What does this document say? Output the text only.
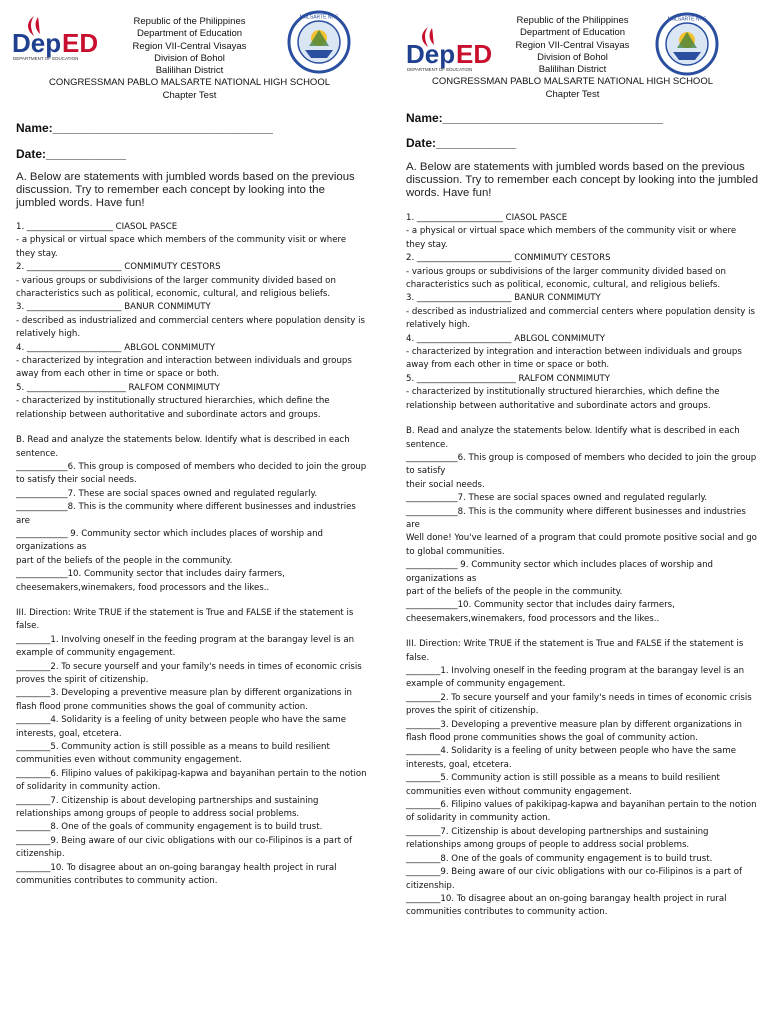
Dep ED
DEPARTMENT OF EDUCATION
MALSARTE NHS
Republic of the Philippines
Department of Education
Region VII-Central Visayas
Division of Bohol
Balilihan District
CONGRESSMAN PABLO MALSARTE NATIONAL HIGH SCHOOL
Chapter Test
Name:_________________________________
Date:____________
A. Below are statements with jumbled words based on the previous discussion. Try to remember each concept by looking into the jumbled words. Have fun!

1. ____________________ CIASOL PASCE

- a physical or virtual space which members of the community visit or where they stay.

2. ______________________ CONMIMUTY CESTORS

- various groups or subdivisions of the larger community divided based on characteristics such as political, economic, cultural, and religious beliefs.

3. ______________________ BANUR CONMIMUTY

- described as industrialized and commercial centers where population density is relatively high.

4. ______________________ ABLGOL CONMIMUTY

- characterized by integration and interaction between individuals and groups away from each other in time or space or both.

5. _______________________ RALFOM CONMIMUTY

- characterized by institutionally structured hierarchies, which define the relationship between authoritative and subordinate actors and groups.

B. Read and analyze the statements below. Identify what is described in each sentence.

____________6. This group is composed of members who decided to join the group to satisfy their social needs.

____________7. These are social spaces owned and regulated regularly.

____________8. This is the community where different businesses and industries are

____________ 9. Community sector which includes places of worship and organizations as

part of the beliefs of the people in the community.

____________10. Community sector that includes dairy farmers, cheesemakers,winemakers, food processors and the likes..

III. Direction: Write TRUE if the statement is True and FALSE if the statement is false.

________1. Involving oneself in the feeding program at the barangay level is an example of community engagement.

________2. To secure yourself and your family's needs in times of economic crisis proves the spirit of citizenship.

________3. Developing a preventive measure plan by different organizations in flash flood prone communities shows the goal of community action.

________4. Solidarity is a feeling of unity between people who have the same interests, goal, etcetera.

________5. Community action is still possible as a means to build resilient communities even without community engagement.

________6. Filipino values of pakikipag-kapwa and bayanihan pertain to the notion of solidarity in community action.

________7. Citizenship is about developing partnerships and sustaining relationships among groups of people to address social problems.

________8. One of the goals of community engagement is to build trust.

________9. Being aware of our civic obligations with our co-Filipinos is a part of citizenship.

________10. To disagree about an on-going barangay health project in rural communities contributes to community action.

Dep ED
DEPARTMENT OF EDUCATION
MALSARTE NHS
Republic of the Philippines
Department of Education
Region VII-Central Visayas
Division of Bohol
Balilihan District
CONGRESSMAN PABLO MALSARTE NATIONAL HIGH SCHOOL
Chapter Test
Name:_________________________________
Date:____________
A. Below are statements with jumbled words based on the previous discussion. Try to remember each concept by looking into the jumbled words. Have fun!

1. ____________________ CIASOL PASCE

- a physical or virtual space which members of the community visit or where they stay.

2. ______________________ CONMIMUTY CESTORS

- various groups or subdivisions of the larger community divided based on characteristics such as political, economic, cultural, and religious beliefs.

3. ______________________ BANUR CONMIMUTY

- described as industrialized and commercial centers where population density is relatively high.

4. ______________________ ABLGOL CONMIMUTY

- characterized by integration and interaction between individuals and groups away from each other in time or space or both.

5. _______________________ RALFOM CONMIMUTY

- characterized by institutionally structured hierarchies, which define the relationship between authoritative and subordinate actors and groups.

B. Read and analyze the statements below. Identify what is described in each sentence.

____________6. This group is composed of members who decided to join the group to satisfy

their social needs.

____________7. These are social spaces owned and regulated regularly.

____________8. This is the community where different businesses and industries are

Well done! You've learned of a program that could promote positive social and go to global communities.

____________ 9. Community sector which includes places of worship and organizations as

part of the beliefs of the people in the community.

____________10. Community sector that includes dairy farmers, cheesemakers,winemakers, food processors and the likes..

III. Direction: Write TRUE if the statement is True and FALSE if the statement is false.

________1. Involving oneself in the feeding program at the barangay level is an example of community engagement.

________2. To secure yourself and your family's needs in times of economic crisis proves the spirit of citizenship.

________3. Developing a preventive measure plan by different organizations in flash flood prone communities shows the goal of community action.

________4. Solidarity is a feeling of unity between people who have the same interests, goal, etcetera.

________5. Community action is still possible as a means to build resilient communities even without community engagement.

________6. Filipino values of pakikipag-kapwa and bayanihan pertain to the notion of solidarity in community action.

________7. Citizenship is about developing partnerships and sustaining relationships among groups of people to address social problems.

________8. One of the goals of community engagement is to build trust.

________9. Being aware of our civic obligations with our co-Filipinos is a part of citizenship.

________10. To disagree about an on-going barangay health project in rural communities contributes to community action.
